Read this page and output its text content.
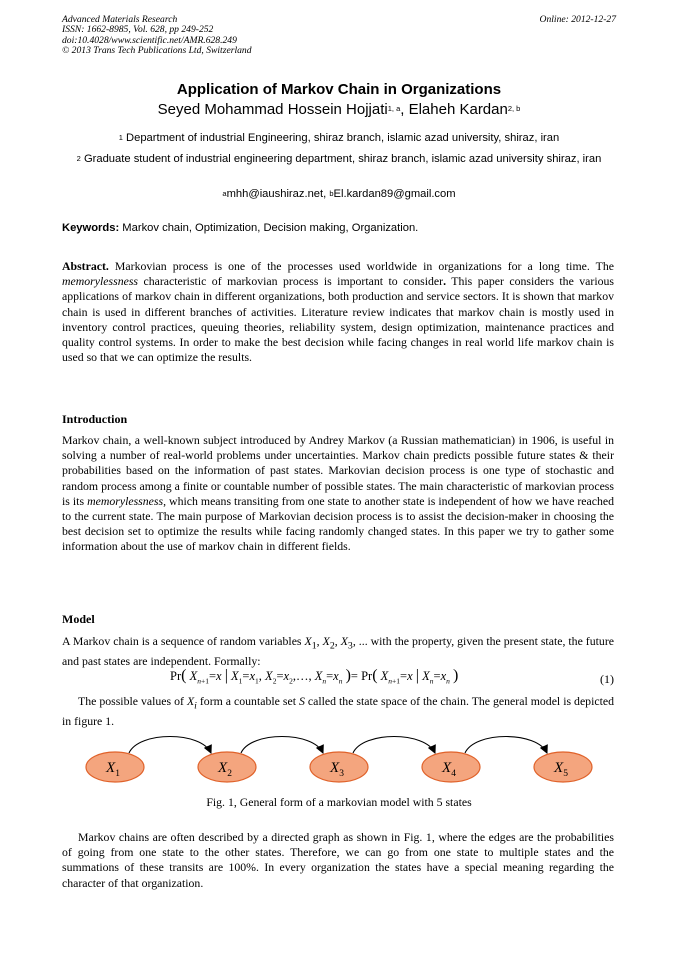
Advanced Materials Research
ISSN: 1662-8985, Vol. 628, pp 249-252
doi:10.4028/www.scientific.net/AMR.628.249
© 2013 Trans Tech Publications Ltd, Switzerland
Online: 2012-12-27
Application of Markov Chain in Organizations
Seyed Mohammad Hossein Hojjati$^{1, a}$, Elaheh Kardan$^{2, b}$
$^1$ Department of industrial Engineering, shiraz branch, islamic azad university, shiraz, iran
$^2$ Graduate student of industrial engineering department, shiraz branch, islamic azad university shiraz, iran
$^a$mhh@iaushiraz.net, $^b$El.kardan89@gmail.com
Keywords: Markov chain, Optimization, Decision making, Organization.
Abstract. Markovian process is one of the processes used worldwide in organizations for a long time. The memorylessness characteristic of markovian process is important to consider. This paper considers the various applications of markov chain in different organizations, both production and service sectors. It is shown that markov chain is used in different branches of activities. Literature review indicates that markov chain is mostly used in inventory control practices, queuing theories, reliability system, design optimization, maintenance practices and quality control systems. In order to make the best decision while facing changes in real world life markov chain is used so that we can optimize the results.
Introduction
Markov chain, a well-known subject introduced by Andrey Markov (a Russian mathematician) in 1906, is useful in solving a number of real-world problems under uncertainties. Markov chain predicts possible future states & their probabilities based on the information of past states. Markovian decision process is one type of stochastic and random process among a finite or countable number of possible states. The main characteristic of markovian process is its memorylessness, which means transiting from one state to another state is independent of how we have reached to the current state. The main purpose of Markovian decision process is to assist the decision-maker in choosing the best decision set to optimize the results while facing randomly changed states. In this paper we try to gather some information about the use of markov chain in different fields.
Model
A Markov chain is a sequence of random variables $X_1$, $X_2$, $X_3$, ... with the property, given the present state, the future and past states are independent. Formally:
Pr( $X_{n+1}=x$ | $X_1=x_1$, $X_2=x_2,\dots$, $X_n=x_n$ )= Pr( $X_{n+1}=x$ | $X_n=x_n$ )	(1)
The possible values of $X_i$ form a countable set S called the state space of the chain. The general model is depicted in figure 1.
$X_1$	$X_2$	$X_3$	$X_4$	$X_5$
Fig. 1, General form of a markovian model with 5 states
Markov chains are often described by a directed graph as shown in Fig. 1, where the edges are the probabilities of going from one state to the other states. Therefore, we can go from one state to multiple states and the summations of these transits are 100%. In every organization the states have a special meaning regarding the character of that organization.
